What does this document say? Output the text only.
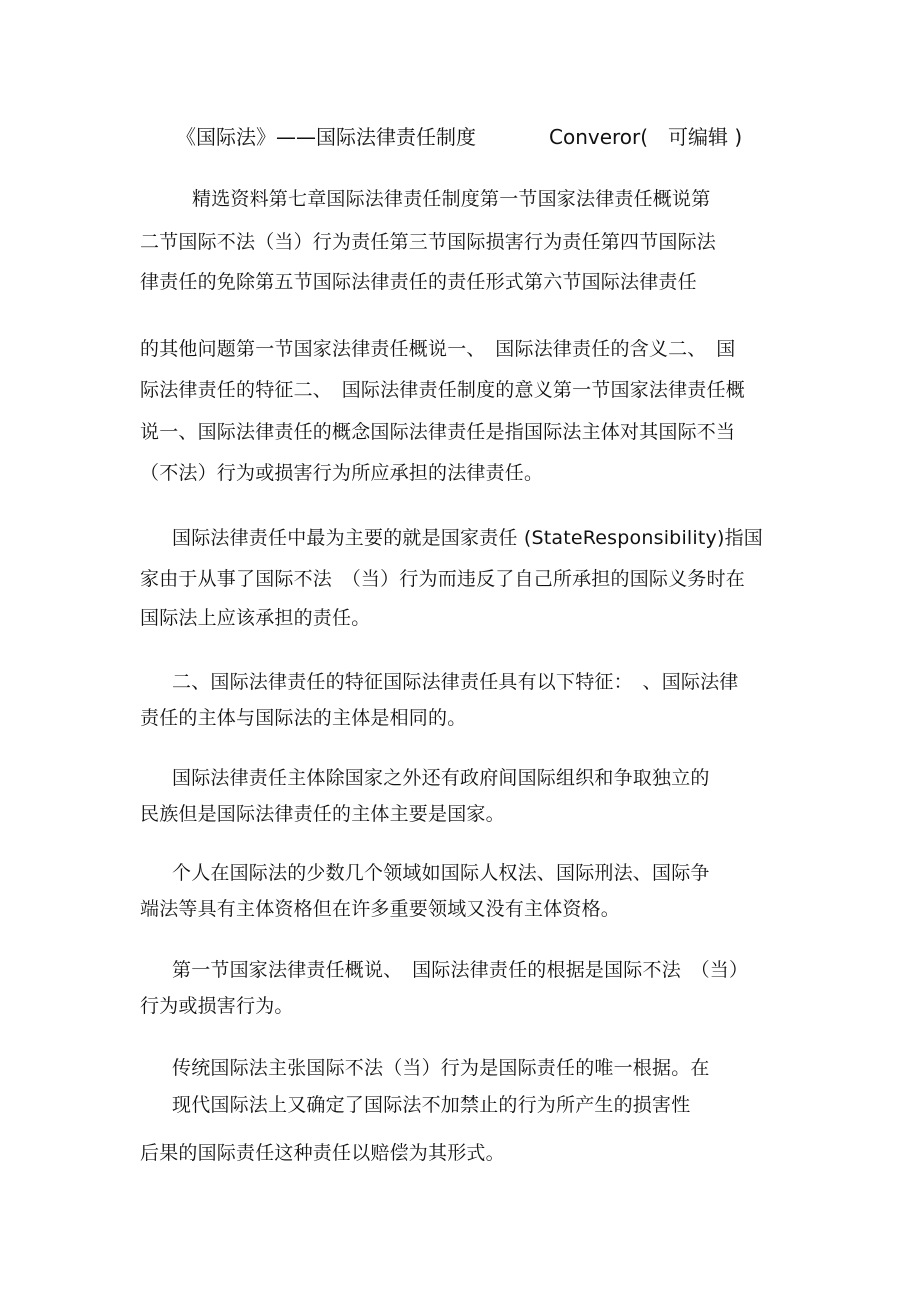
《国际法》——国际法律责任制度	Converor(　可编辑 )
精选资料第七章国际法律责任制度第一节国家法律责任概说第
二节国际不法（当）行为责任第三节国际损害行为责任第四节国际法
律责任的免除第五节国际法律责任的责任形式第六节国际法律责任
的其他问题第一节国家法律责任概说一、　国际法律责任的含义二、　国
际法律责任的特征二、　国际法律责任制度的意义第一节国家法律责任概
说一、国际法律责任的概念国际法律责任是指国际法主体对其国际不当
（不法）行为或损害行为所应承担的法律责任。
国际法律责任中最为主要的就是国家责任 (StateResponsibility)指国
家由于从事了国际不法　（当）行为而违反了自己所承担的国际义务时在
国际法上应该承担的责任。
二、国际法律责任的特征国际法律责任具有以下特征：　、国际法律
责任的主体与国际法的主体是相同的。
国际法律责任主体除国家之外还有政府间国际组织和争取独立的
民族但是国际法律责任的主体主要是国家。
个人在国际法的少数几个领域如国际人权法、国际刑法、国际争
端法等具有主体资格但在许多重要领域又没有主体资格。
第一节国家法律责任概说、　国际法律责任的根据是国际不法　（当）
行为或损害行为。
传统国际法主张国际不法（当）行为是国际责任的唯一根据。在
现代国际法上又确定了国际法不加禁止的行为所产生的损害性
后果的国际责任这种责任以赔偿为其形式。
